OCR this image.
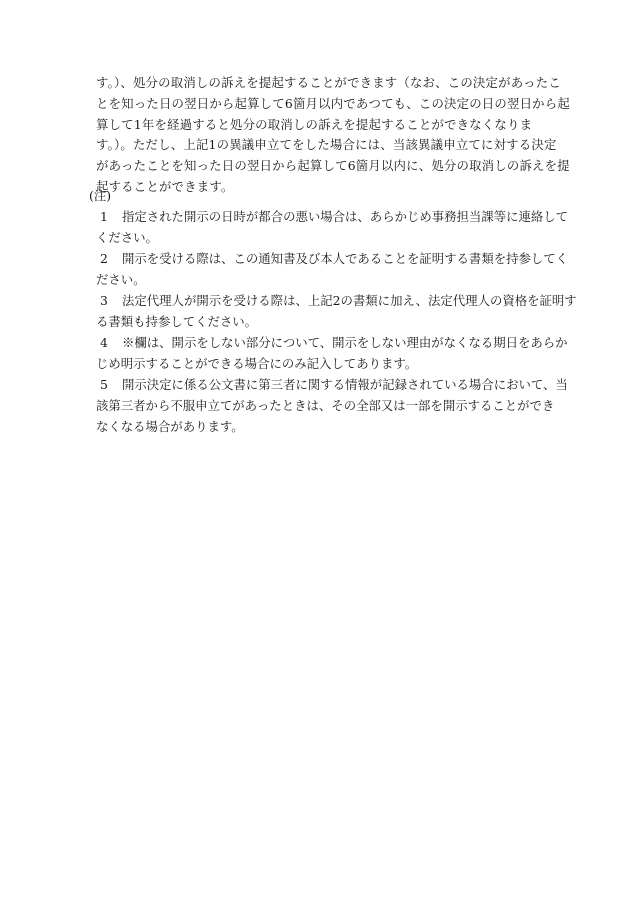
す。）、処分の取消しの訴えを提起することができます（なお、この決定があったこ
とを知った日の翌日から起算して6箇月以内であつても、この決定の日の翌日から起
算して1年を経過すると処分の取消しの訴えを提起することができなくなりま
す。）。ただし、上記1の異議申立てをした場合には、当該異議申立てに対する決定
があったことを知った日の翌日から起算して6箇月以内に、処分の取消しの訴えを提
起することができます。
(注)
1 指定された開示の日時が都合の悪い場合は、あらかじめ事務担当課等に連絡して
ください。
2 開示を受ける際は、この通知書及び本人であることを証明する書類を持参してく
ださい。
3 法定代理人が開示を受ける際は、上記2の書類に加え、法定代理人の資格を証明す
る書類も持参してください。
4 ※欄は、開示をしない部分について、開示をしない理由がなくなる期日をあらか
じめ明示することができる場合にのみ記入してあります。
5 開示決定に係る公文書に第三者に関する情報が記録されている場合において、当
該第三者から不服申立てがあったときは、その全部又は一部を開示することができ
なくなる場合があります。
